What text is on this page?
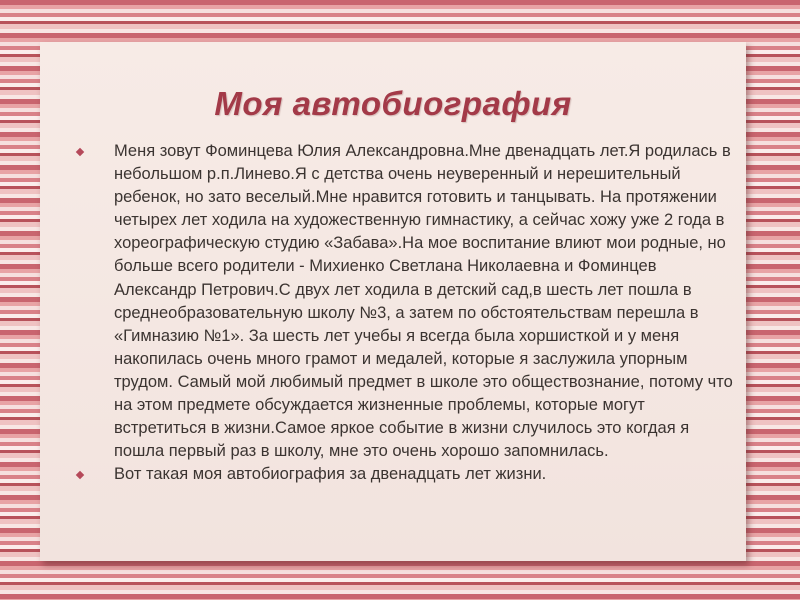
Моя автобиография
Меня зовут Фоминцева Юлия Александровна.Мне двенадцать лет.Я родилась в небольшом р.п.Линево.Я с детства очень неуверенный и нерешительный ребенок, но зато веселый.Мне нравится готовить и танцывать. На протяжении четырех лет ходила на художественную гимнастику, а сейчас хожу уже 2 года в хореографическую студию «Забава».На мое воспитание влиют мои родные, но больше всего родители - Михиенко Светлана Николаевна и Фоминцев Александр Петрович.С двух лет ходила в детский сад,в шесть лет пошла в среднеобразовательную школу №3, а затем по обстоятельствам перешла в «Гимназию №1». За шесть лет учебы я всегда была хоршисткой и у меня накопилась очень много грамот и медалей, которые я заслужила упорным трудом. Самый мой любимый предмет в школе это обществознание, потому что на этом предмете обсуждается жизненные проблемы, которые могут встретиться в жизни.Самое яркое событие в жизни случилось это когдая я пошла первый раз в школу, мне это очень хорошо запомнилась.
Вот такая моя автобиография за двенадцать лет жизни.
